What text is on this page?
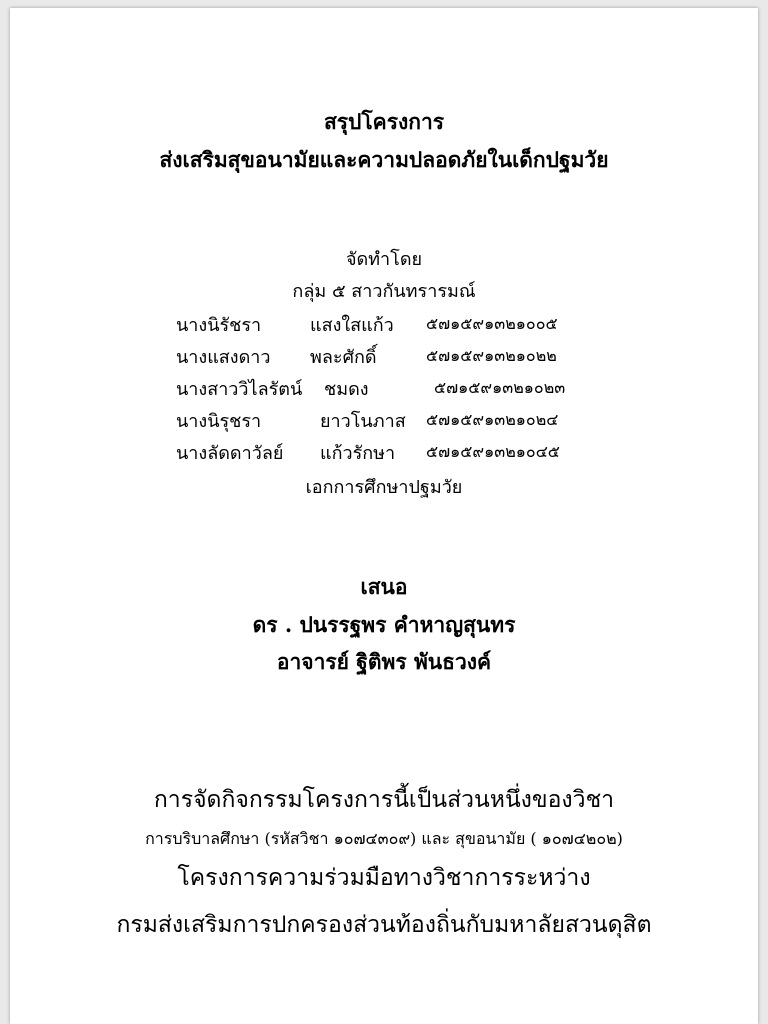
สรุปโครงการ
ส่งเสริมสุขอนามัยและความปลอดภัยในเด็กปฐมวัย
จัดทำโดย
กลุ่ม ๕ สาวกันทรารมณ์
นางนิรัชรา	แสงใสแก้ว ๕๗๑๕๙๑๓๒๑๐๐๕
นางแสงดาว พละศักดิ์	๕๗๑๕๙๑๓๒๑๐๒๒
นางสาววิไลรัตน์ ชมดง	๕๗๑๕๙๑๓๒๑๐๒๓
นางนิรุชรา	ยาวโนภาส ๕๗๑๕๙๑๓๒๑๐๒๔
นางลัดดาวัลย์ แก้วรักษา ๕๗๑๕๙๑๓๒๑๐๔๕
เอกการศึกษาปฐมวัย
เสนอ
ดร . ปนรรฐพร คำหาญสุนทร
อาจารย์ ฐิติพร พันธวงค์
การจัดกิจกรรมโครงการนี้เป็นส่วนหนึ่งของวิชา
การบริบาลศึกษา (รหัสวิชา ๑๐๗๔๓๐๙) และ สุขอนามัย ( ๑๐๗๔๒๐๒)
โครงการความร่วมมือทางวิชาการระหว่าง
กรมส่งเสริมการปกครองส่วนท้องถิ่นกับมหาลัยสวนดุสิต
